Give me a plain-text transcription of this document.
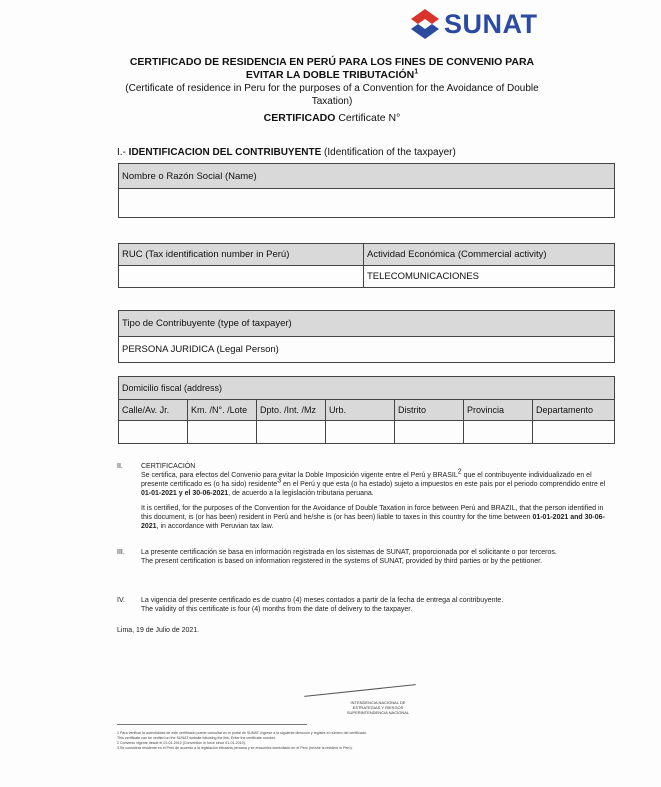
SUNAT
CERTIFICADO DE RESIDENCIA EN PERÚ PARA LOS FINES DE CONVENIO PARA
EVITAR LA DOBLE TRIBUTACIÓN$^1$
(Certificate of residence in Peru for the purposes of a Convention for the Avoidance of Double
Taxation)
CERTIFICADO Certificate N°
I.- IDENTIFICACION DEL CONTRIBUYENTE (Identification of the taxpayer)
Nombre o Razón Social (Name)

RUC (Tax identification number in Perú)	Actividad Económica (Commercial activity)
	TELECOMUNICACIONES
Tipo de Contribuyente (type of taxpayer)
PERSONA JURIDICA (Legal Person)
Domicilio fiscal (address)						
Calle/Av. Jr.	Km. /N°. /Lote	Dpto. /Int. /Mz	Urb.	Distrito	Provincia	Departamento

II.	CERTIFICACIÓN
Se certifica, para efectos del Convenio para evitar la Doble Imposición vigente entre el Perú y BRASIL$^2$ que el contribuyente individualizado en el presente certificado es (o ha sido) residente$^3$ en el Perú y que esta (o ha estado) sujeto a impuestos en este país por el periodo comprendido entre el 01-01-2021 y el 30-06-2021, de acuerdo a la legislación tributaria peruana.

It is certified, for the purposes of the Convention for the Avoidance of Double Taxation in force between Perú and BRAZIL, that the person identified in this document, is (or has been) resident in Perú and he/she is (or has been) liable to taxes in this country for the time between 01-01-2021 and 30-06-2021, in accordance with Peruvian tax law.

III. La presente certificación se basa en información registrada en los sistemas de SUNAT, proporcionada por el solicitante o por terceros.
The present certification is based on information registered in the systems of SUNAT, provided by third parties or by the petitioner.

IV. La vigencia del presente certificado es de cuatro (4) meses contados a partir de la fecha de entrega al contribuyente.
The validity of this certificate is four (4) months from the date of delivery to the taxpayer.

Lima, 19 de Julio de 2021.
INTENDENCIA NACIONAL DE
ESTRATEGIAS Y RIESGOS SUPERINTENDENCIA NACIONAL
1 Para verificar la autenticidad de este certificado puede consultar en el portal de SUNAT. Ingrese a la siguiente dirección y registre el número del certificado.
This certificate can be verified on the SUNAT website following the link. Enter the certificate number.
2 Convenio vigente desde el 01-01-2010 (Convention in force since 01-01-2010).
3 Se considera residente en el Perú de acuerdo a la legislación tributaria peruana y se encuentra domiciliado en el Perú (he/she is resident in Perú).
